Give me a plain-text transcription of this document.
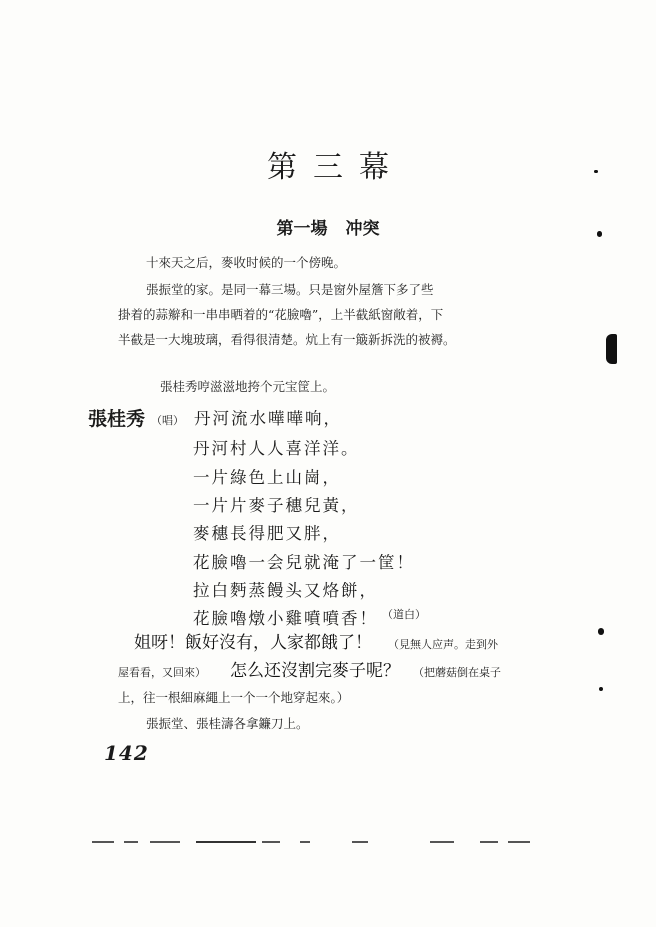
第三幕
第一場 冲突
十來天之后，麥收时候的一个傍晚。
張振堂的家。是同一幕三場。只是窗外屋簷下多了些
掛着的蒜辮和一串串晒着的“花臉嚕”，上半截紙窗敞着，下
半截是一大塊玻璃，看得很清楚。炕上有一簸新拆洗的被褥。
張桂秀哼滋滋地挎个元宝筐上。
張桂秀 （唱） 丹河流水嘩嘩响，
丹河村人人喜洋洋。
一片綠色上山崗，
一片片麥子穗兒黃，
麥穗長得肥又胖，
花臉嚕一会兒就淹了一筐！
拉白麪蒸饅头又烙餅，
花臉嚕燉小雞噴噴香！ （道白）
姐呀！飯好沒有，人家都餓了！ （見無人应声。走到外
屋看看，又回來） 怎么还沒割完麥子呢？ （把蘑菇倒在桌子
上，往一根細麻繩上一个一个地穿起來。）
張振堂、張桂濤各拿鐮刀上。
142
